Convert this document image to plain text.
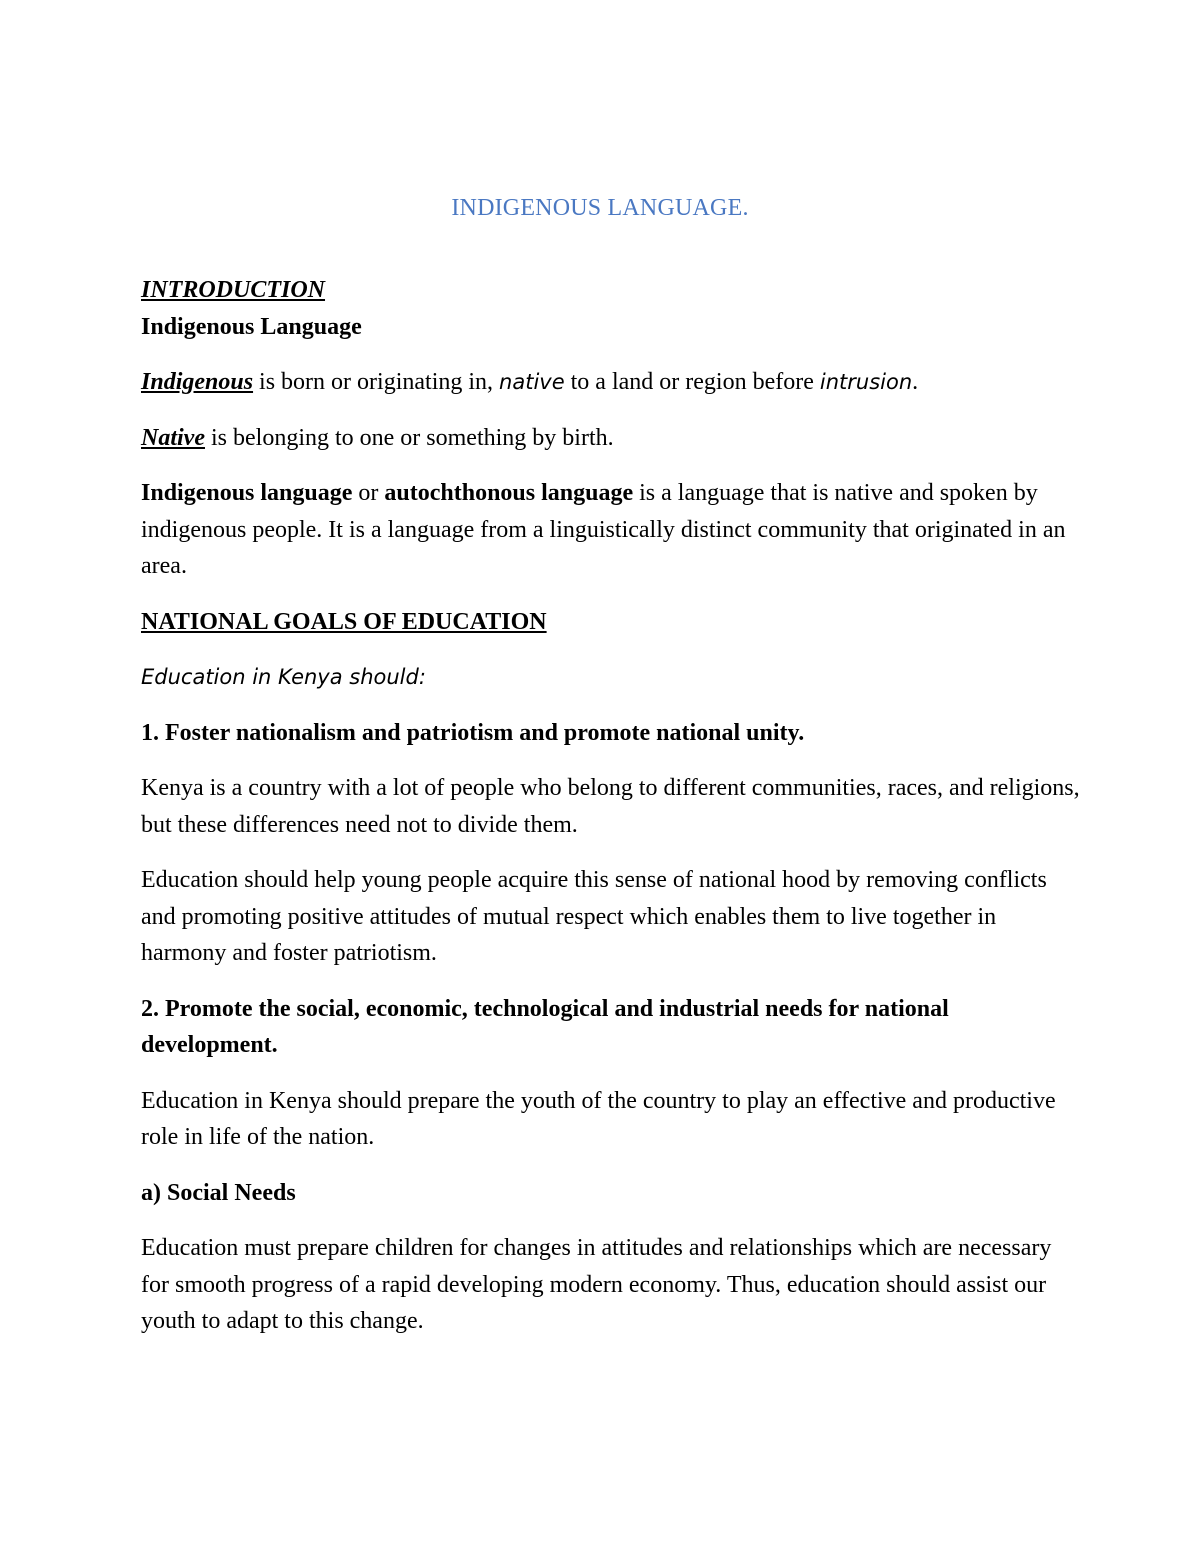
INDIGENOUS LANGUAGE.

INTRODUCTION

Indigenous Language

Indigenous is born or originating in, native to a land or region before intrusion.

Native is belonging to one or something by birth.

Indigenous language or autochthonous language is a language that is native and spoken by indigenous people. It is a language from a linguistically distinct community that originated in an area.

NATIONAL GOALS OF EDUCATION

Education in Kenya should:

1. Foster nationalism and patriotism and promote national unity.

Kenya is a country with a lot of people who belong to different communities, races, and religions, but these differences need not to divide them.

Education should help young people acquire this sense of national hood by removing conflicts and promoting positive attitudes of mutual respect which enables them to live together in harmony and foster patriotism.

2. Promote the social, economic, technological and industrial needs for national development.

Education in Kenya should prepare the youth of the country to play an effective and productive role in life of the nation.

a) Social Needs

Education must prepare children for changes in attitudes and relationships which are necessary for smooth progress of a rapid developing modern economy. Thus, education should assist our youth to adapt to this change.
